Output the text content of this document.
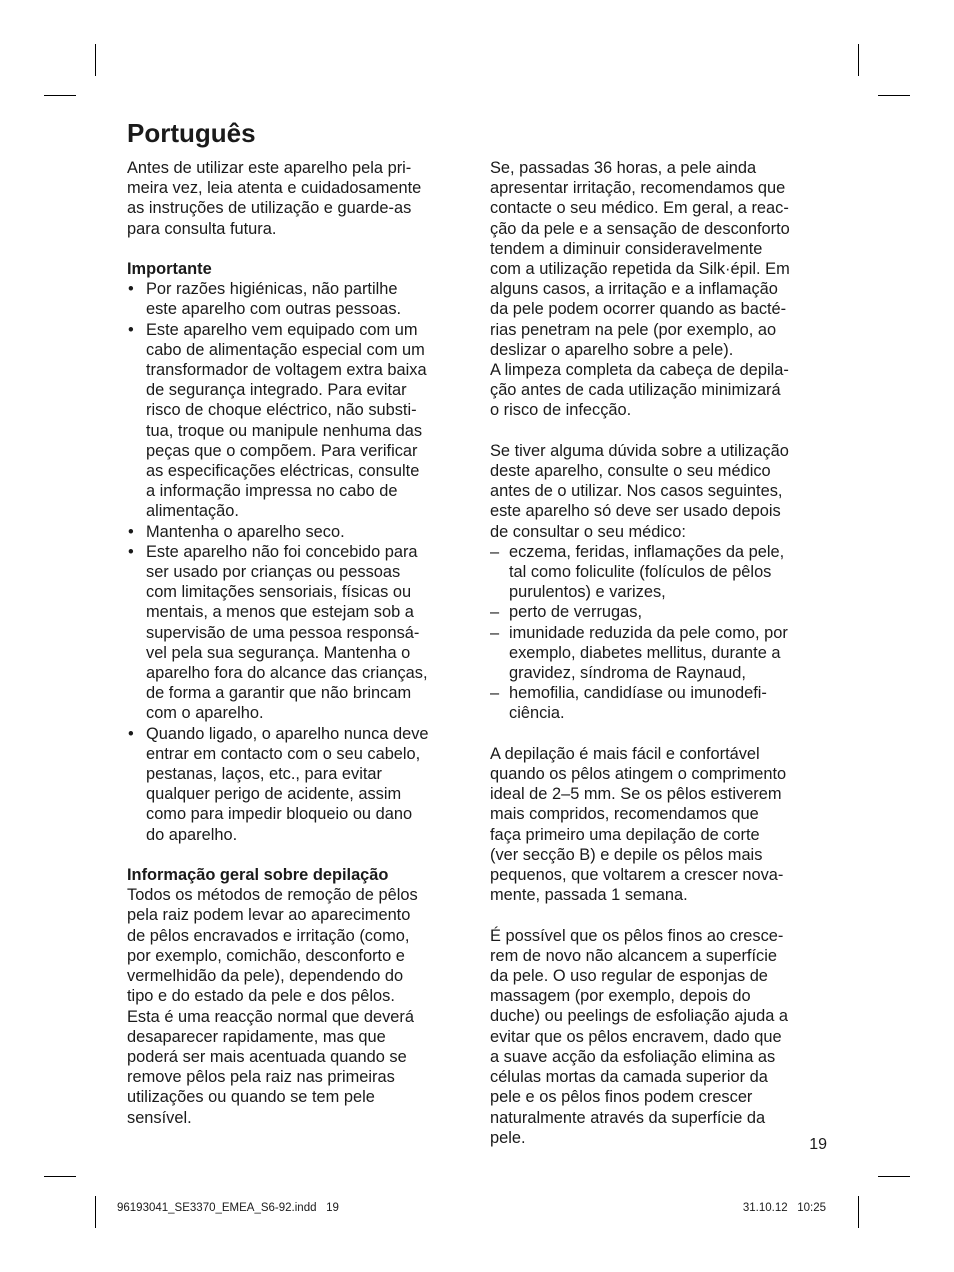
Português

Antes de utilizar este aparelho pela pri-
meira vez, leia atenta e cuidadosamente
as instruções de utilização e guarde-as
para consulta futura.

Importante

• Por razões higiénicas, não partilhe
este aparelho com outras pessoas.
• Este aparelho vem equipado com um
cabo de alimentação especial com um
transformador de voltagem extra baixa
de segurança integrado. Para evitar
risco de choque eléctrico, não substi-
tua, troque ou manipule nenhuma das
peças que o compõem. Para verificar
as especificações eléctricas, consulte
a informação impressa no cabo de
alimentação.
• Mantenha o aparelho seco.
• Este aparelho não foi concebido para
ser usado por crianças ou pessoas
com limitações sensoriais, físicas ou
mentais, a menos que estejam sob a
supervisão de uma pessoa responsá-
vel pela sua segurança. Mantenha o
aparelho fora do alcance das crianças,
de forma a garantir que não brincam
com o aparelho.
• Quando ligado, o aparelho nunca deve
entrar em contacto com o seu cabelo,
pestanas, laços, etc., para evitar
qualquer perigo de acidente, assim
como para impedir bloqueio ou dano
do aparelho.

Informação geral sobre depilação

Todos os métodos de remoção de pêlos
pela raiz podem levar ao aparecimento
de pêlos encravados e irritação (como,
por exemplo, comichão, desconforto e
vermelhidão da pele), dependendo do
tipo e do estado da pele e dos pêlos.
Esta é uma reacção normal que deverá
desaparecer rapidamente, mas que
poderá ser mais acentuada quando se
remove pêlos pela raiz nas primeiras
utilizações ou quando se tem pele
sensível.

Se, passadas 36 horas, a pele ainda
apresentar irritação, recomendamos que
contacte o seu médico. Em geral, a reac-
ção da pele e a sensação de desconforto
tendem a diminuir consideravelmente
com a utilização repetida da Silk·épil. Em
alguns casos, a irritação e a inflamação
da pele podem ocorrer quando as bacté-
rias penetram na pele (por exemplo, ao
deslizar o aparelho sobre a pele).
A limpeza completa da cabeça de depila-
ção antes de cada utilização minimizará
o risco de infecção.

Se tiver alguma dúvida sobre a utilização
deste aparelho, consulte o seu médico
antes de o utilizar. Nos casos seguintes,
este aparelho só deve ser usado depois
de consultar o seu médico:

– eczema, feridas, inflamações da pele,
tal como foliculite (folículos de pêlos
purulentos) e varizes,
– perto de verrugas,
– imunidade reduzida da pele como, por
exemplo, diabetes mellitus, durante a
gravidez, síndroma de Raynaud,
– hemofilia, candidíase ou imunodefi-
ciência.

A depilação é mais fácil e confortável
quando os pêlos atingem o comprimento
ideal de 2–5 mm. Se os pêlos estiverem
mais compridos, recomendamos que
faça primeiro uma depilação de corte
(ver secção B) e depile os pêlos mais
pequenos, que voltarem a crescer nova-
mente, passada 1 semana.

É possível que os pêlos finos ao cresce-
rem de novo não alcancem a superfície
da pele. O uso regular de esponjas de
massagem (por exemplo, depois do
duche) ou peelings de esfoliação ajuda a
evitar que os pêlos encravem, dado que
a suave acção da esfoliação elimina as
células mortas da camada superior da
pele e os pêlos finos podem crescer
naturalmente através da superfície da
pele.	19
96193041_SE3370_EMEA_S6-92.indd   19	31.10.12   10:25
